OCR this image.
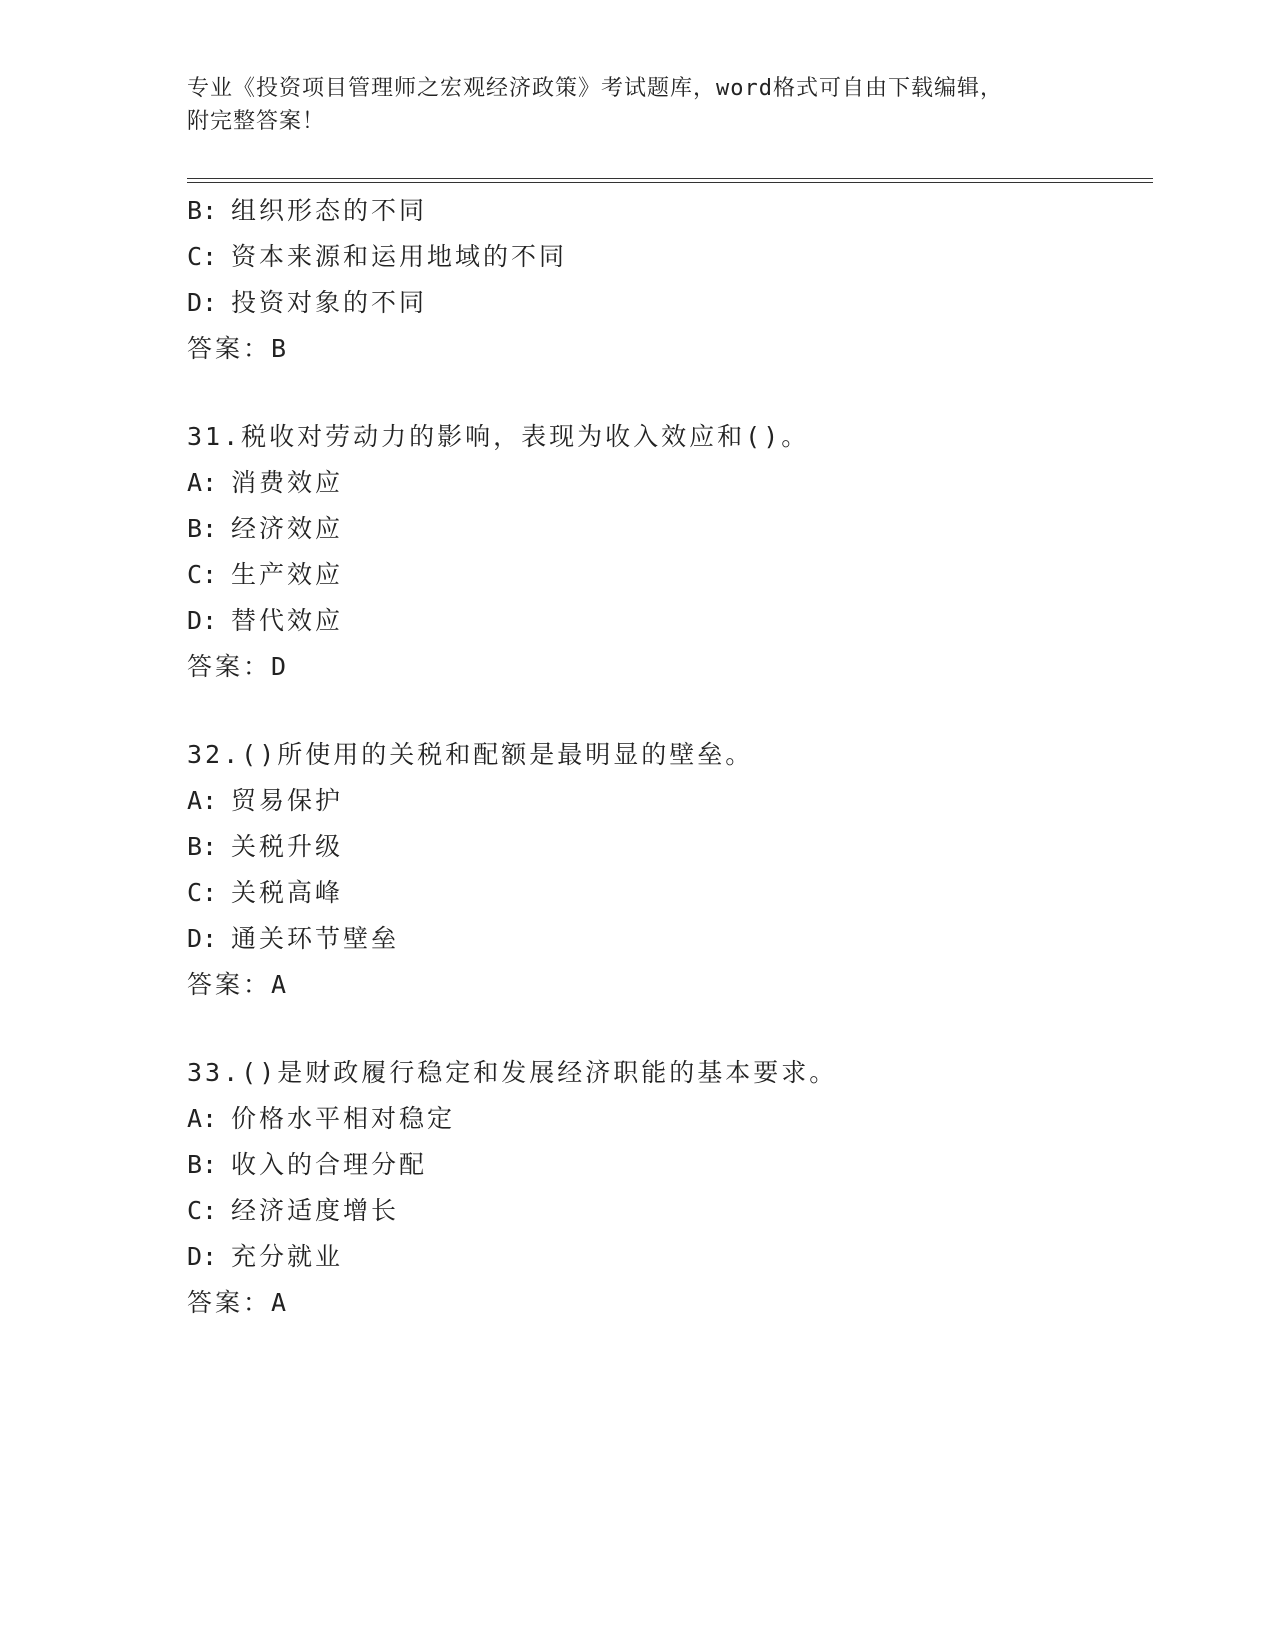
专业《投资项目管理师之宏观经济政策》考试题库，word格式可自由下载编辑，
附完整答案！
B: 组织形态的不同
C: 资本来源和运用地域的不同
D: 投资对象的不同
答案：B
31.税收对劳动力的影响，表现为收入效应和()。
A: 消费效应
B: 经济效应
C: 生产效应
D: 替代效应
答案：D
32.()所使用的关税和配额是最明显的壁垒。
A: 贸易保护
B: 关税升级
C: 关税高峰
D: 通关环节壁垒
答案：A
33.()是财政履行稳定和发展经济职能的基本要求。
A: 价格水平相对稳定
B: 收入的合理分配
C: 经济适度增长
D: 充分就业
答案：A
